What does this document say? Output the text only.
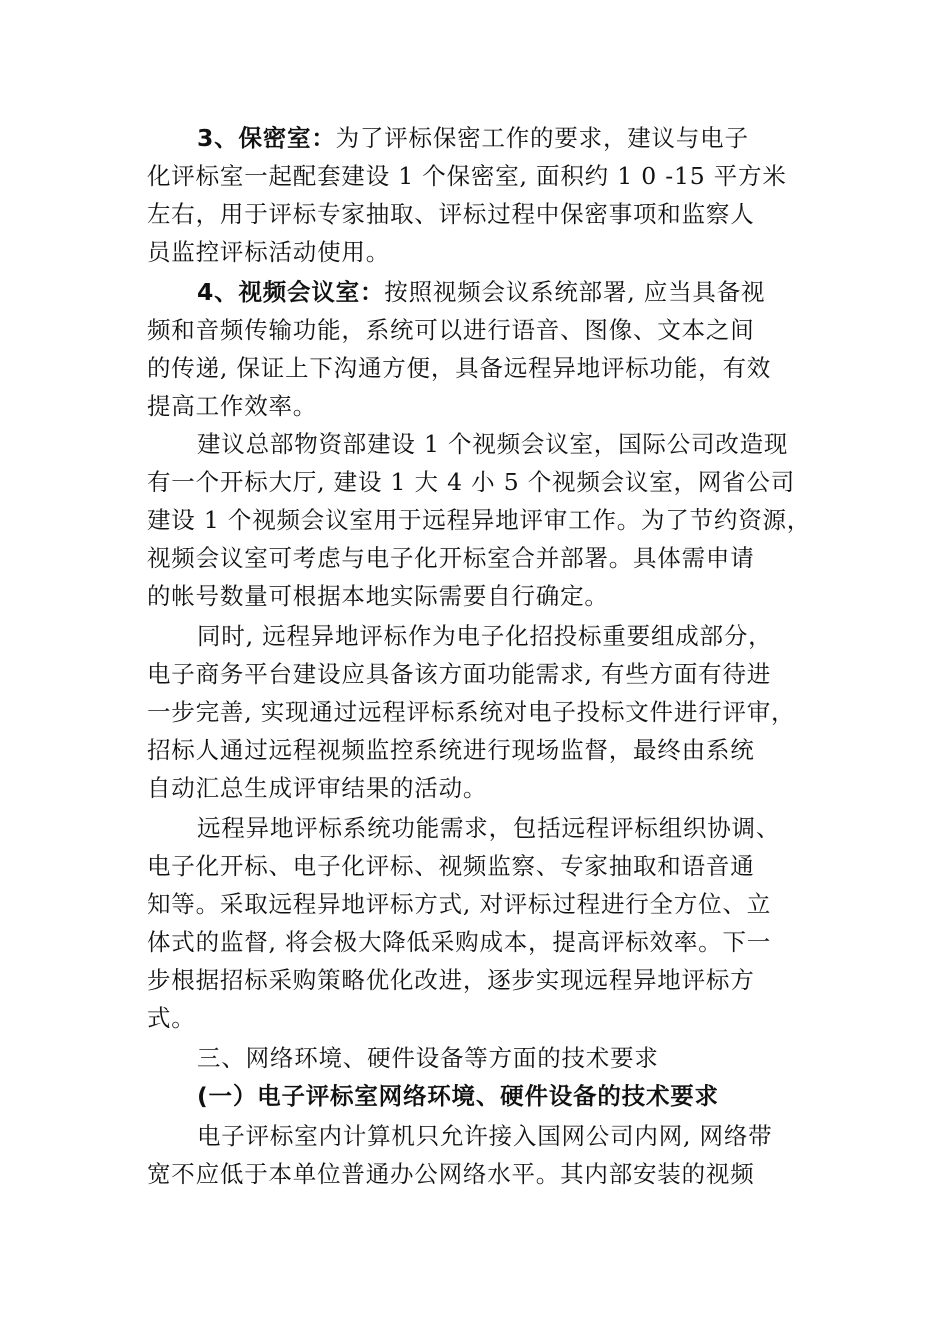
3、保密室：为了评标保密工作的要求，建议与电子
化评标室一起配套建设 1 个保密室, 面积约 1 0 -15 平方米
左右，用于评标专家抽取、评标过程中保密事项和监察人
员监控评标活动使用。
4、视频会议室：按照视频会议系统部署, 应当具备视
频和音频传输功能，系统可以进行语音、图像、文本之间
的传递, 保证上下沟通方便，具备远程异地评标功能，有效
提高工作效率。
建议总部物资部建设 1 个视频会议室，国际公司改造现
有一个开标大厅, 建设 1 大 4 小 5 个视频会议室，网省公司
建设 1 个视频会议室用于远程异地评审工作。为了节约资源，
视频会议室可考虑与电子化开标室合并部署。具体需申请
的帐号数量可根据本地实际需要自行确定。
同时, 远程异地评标作为电子化招投标重要组成部分，
电子商务平台建设应具备该方面功能需求, 有些方面有待进
一步完善, 实现通过远程评标系统对电子投标文件进行评审，
招标人通过远程视频监控系统进行现场监督，最终由系统
自动汇总生成评审结果的活动。
远程异地评标系统功能需求，包括远程评标组织协调、
电子化开标、电子化评标、视频监察、专家抽取和语音通
知等。采取远程异地评标方式, 对评标过程进行全方位、立
体式的监督, 将会极大降低采购成本，提高评标效率。下一
步根据招标采购策略优化改进，逐步实现远程异地评标方
式。
三、网络环境、硬件设备等方面的技术要求
(一）电子评标室网络环境、硬件设备的技术要求
电子评标室内计算机只允许接入国网公司内网, 网络带
宽不应低于本单位普通办公网络水平。其内部安装的视频
